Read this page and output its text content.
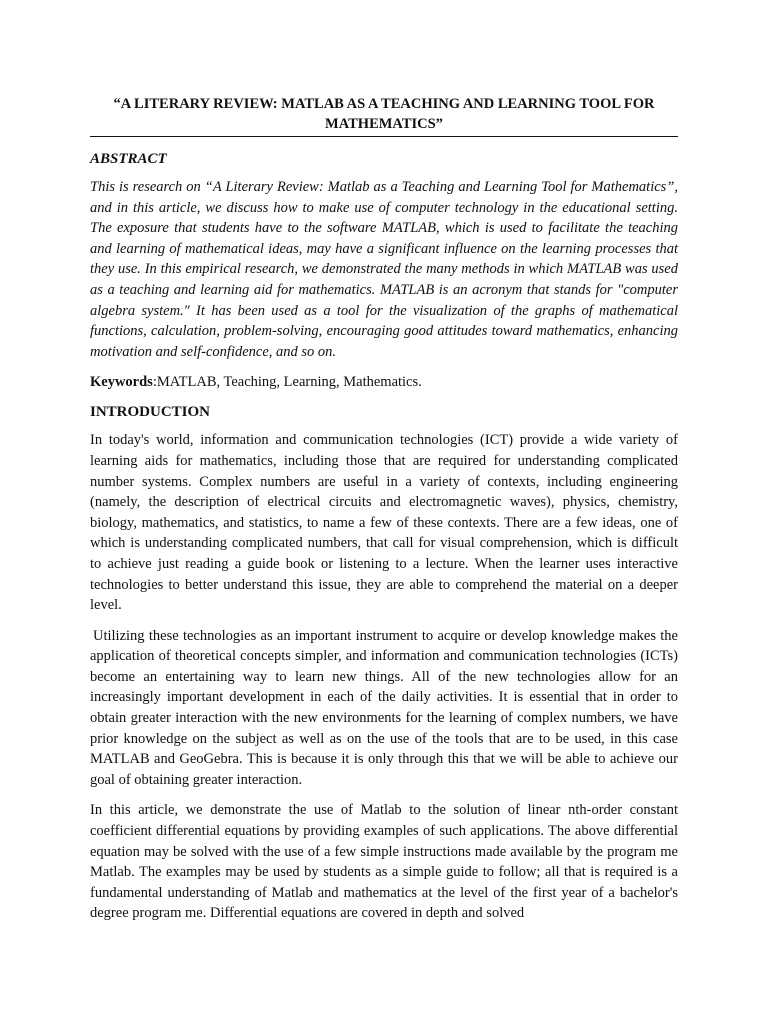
“A LITERARY REVIEW: MATLAB AS A TEACHING AND LEARNING TOOL FOR MATHEMATICS”
ABSTRACT

This is research on “A Literary Review: Matlab as a Teaching and Learning Tool for Mathematics”, and in this article, we discuss how to make use of computer technology in the educational setting. The exposure that students have to the software MATLAB, which is used to facilitate the teaching and learning of mathematical ideas, may have a significant influence on the learning processes that they use. In this empirical research, we demonstrated the many methods in which MATLAB was used as a teaching and learning aid for mathematics. MATLAB is an acronym that stands for "computer algebra system." It has been used as a tool for the visualization of the graphs of mathematical functions, calculation, problem-solving, encouraging good attitudes toward mathematics, enhancing motivation and self-confidence, and so on.

Keywords:MATLAB, Teaching, Learning, Mathematics.

INTRODUCTION

In today's world, information and communication technologies (ICT) provide a wide variety of learning aids for mathematics, including those that are required for understanding complicated number systems. Complex numbers are useful in a variety of contexts, including engineering (namely, the description of electrical circuits and electromagnetic waves), physics, chemistry, biology, mathematics, and statistics, to name a few of these contexts. There are a few ideas, one of which is understanding complicated numbers, that call for visual comprehension, which is difficult to achieve just reading a guide book or listening to a lecture. When the learner uses interactive technologies to better understand this issue, they are able to comprehend the material on a deeper level.

Utilizing these technologies as an important instrument to acquire or develop knowledge makes the application of theoretical concepts simpler, and information and communication technologies (ICTs) become an entertaining way to learn new things. All of the new technologies allow for an increasingly important development in each of the daily activities. It is essential that in order to obtain greater interaction with the new environments for the learning of complex numbers, we have prior knowledge on the subject as well as on the use of the tools that are to be used, in this case MATLAB and GeoGebra. This is because it is only through this that we will be able to achieve our goal of obtaining greater interaction.

In this article, we demonstrate the use of Matlab to the solution of linear nth-order constant coefficient differential equations by providing examples of such applications. The above differential equation may be solved with the use of a few simple instructions made available by the program me Matlab. The examples may be used by students as a simple guide to follow; all that is required is a fundamental understanding of Matlab and mathematics at the level of the first year of a bachelor's degree program me. Differential equations are covered in depth and solved
